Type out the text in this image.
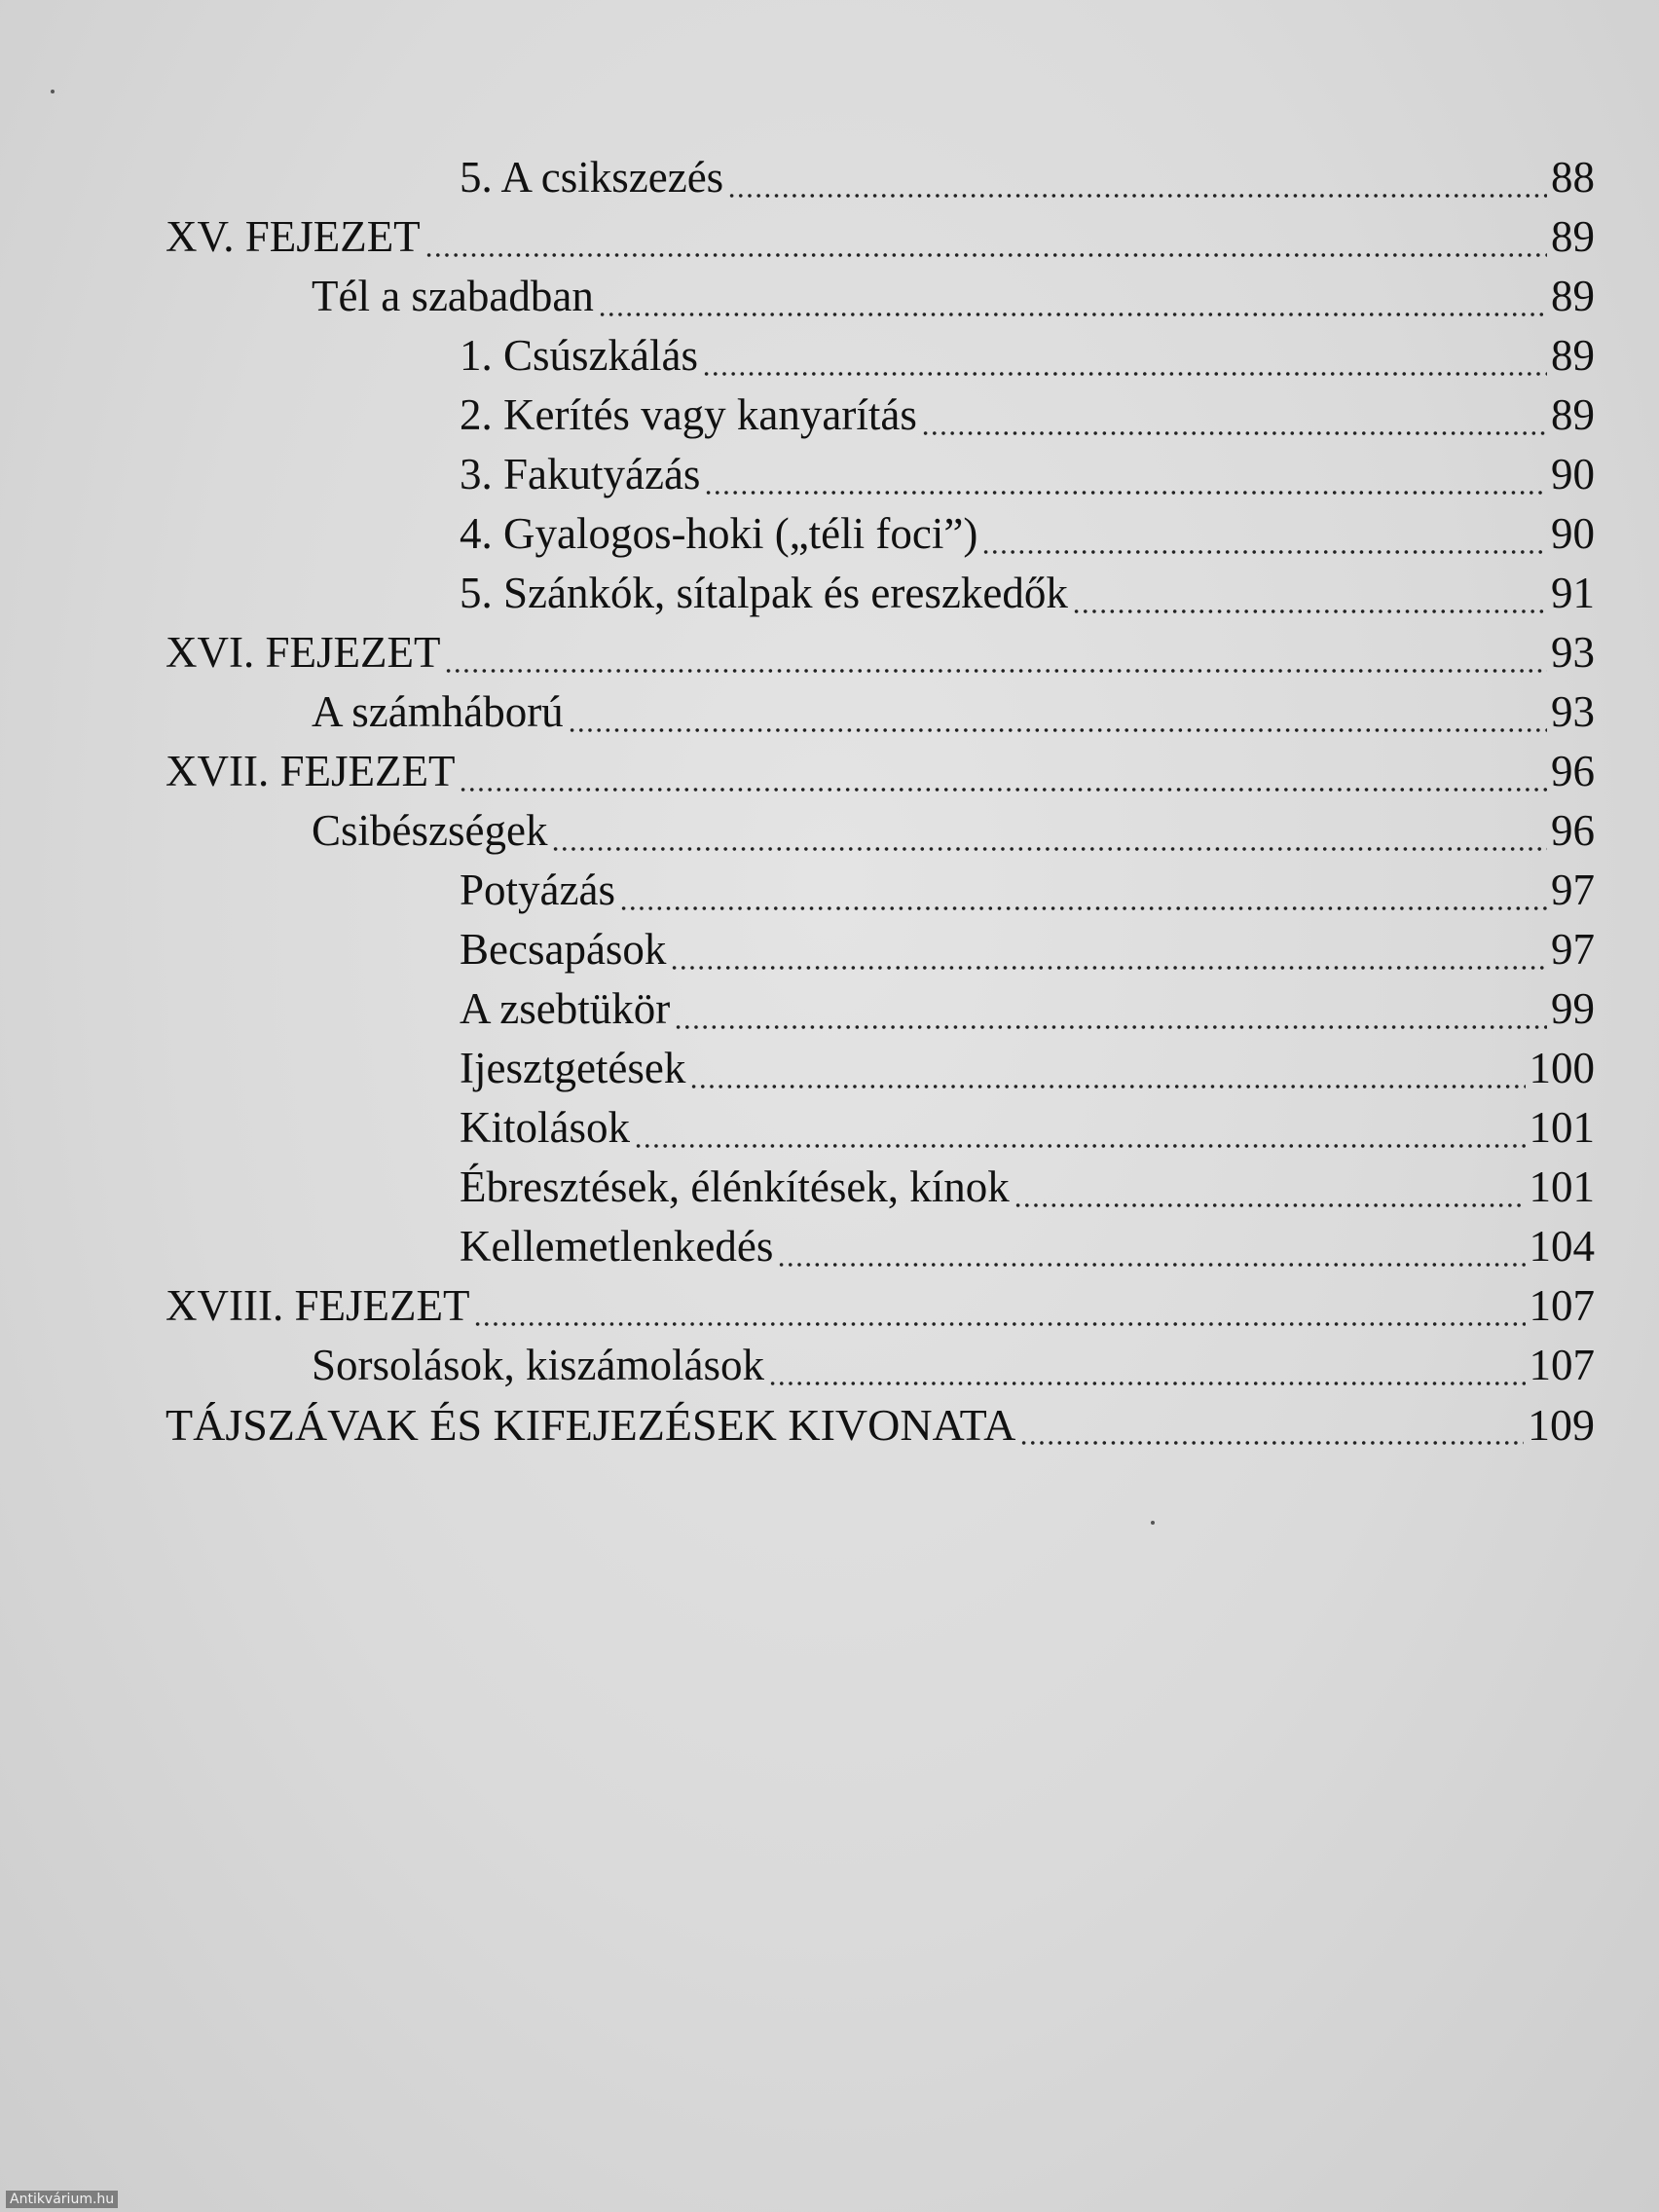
5. A csikszezés	88
XV. FEJEZET	89
Tél a szabadban	89
1. Csúszkálás	89
2. Kerítés vagy kanyarítás	89
3. Fakutyázás	90
4. Gyalogos-hoki („téli foci”)	90
5. Szánkók, sítalpak és ereszkedők	91
XVI. FEJEZET	93
A számháború	93
XVII. FEJEZET	96
Csibészségek	96
Potyázás	97
Becsapások	97
A zsebtükör	99
Ijesztgetések	100
Kitolások	101
Ébresztések, élénkítések, kínok	101
Kellemetlenkedés	104
XVIII. FEJEZET	107
Sorsolások, kiszámolások	107
TÁJSZÁVAK ÉS KIFEJEZÉSEK KIVONATA	109
Antikvárium.hu
